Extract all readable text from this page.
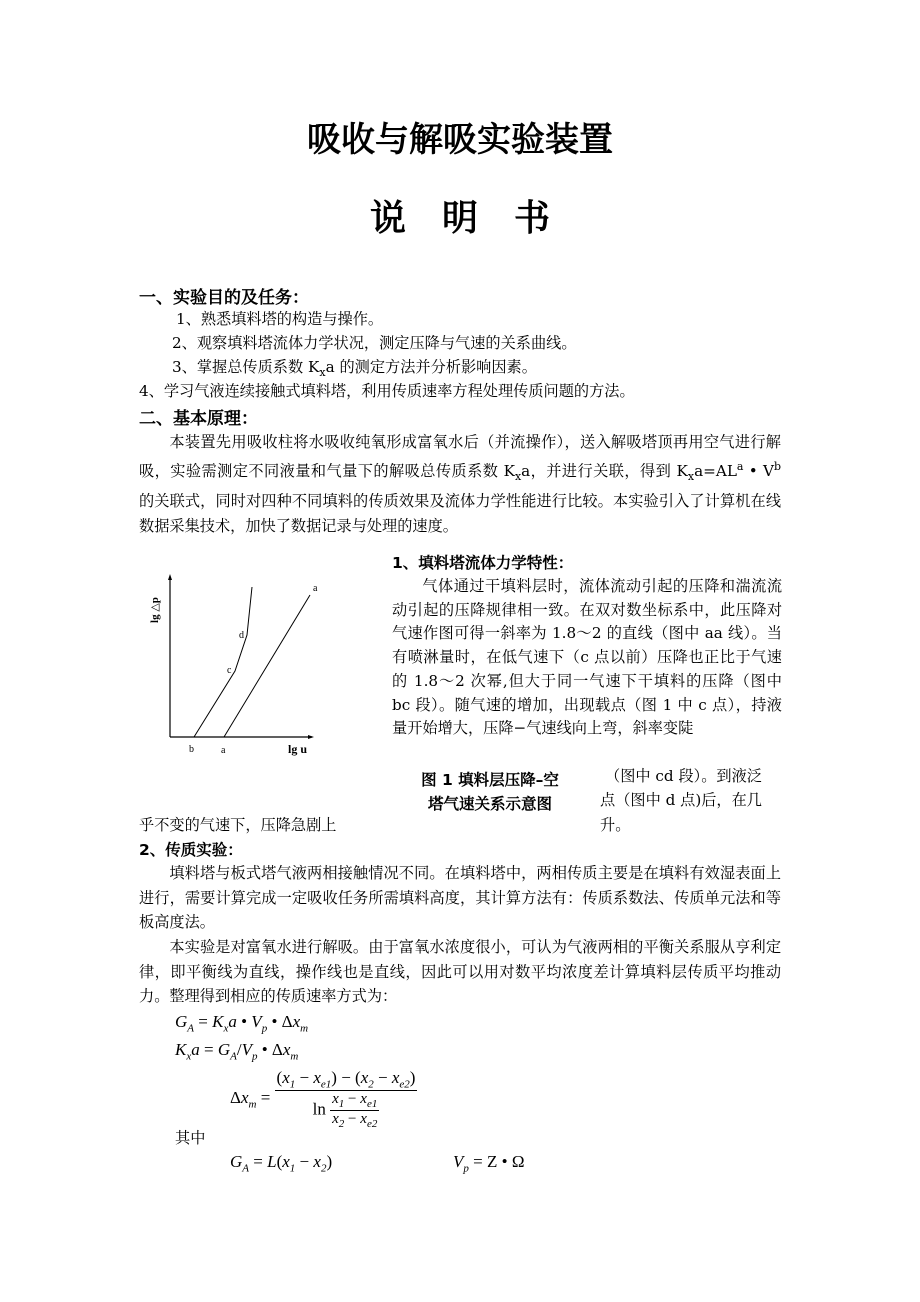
吸收与解吸实验装置
说　明　书
一、实验目的及任务：
1、熟悉填料塔的构造与操作。
2、观察填料塔流体力学状况，测定压降与气速的关系曲线。
3、掌握总传质系数 $K_xa$ 的测定方法并分析影响因素。
4、学习气液连续接触式填料塔，利用传质速率方程处理传质问题的方法。
二、基本原理：
本装置先用吸收柱将水吸收纯氧形成富氧水后（并流操作），送入解吸塔顶再用空气进行解吸，实验需测定不同液量和气量下的解吸总传质系数 $K_xa$，并进行关联，得到 $K_xa=AL^a$ • $V^b$ 的关联式，同时对四种不同填料的传质效果及流体力学性能进行比较。本实验引入了计算机在线数据采集技术，加快了数据记录与处理的速度。
lg △p
lg u
a
d
c
b	a
1、填料塔流体力学特性：
气体通过干填料层时，流体流动引起的压降和湍流流动引起的压降规律相一致。在双对数坐标系中，此压降对气速作图可得一斜率为 1.8～2 的直线（图中 aa 线）。当有喷淋量时，在低气速下（c 点以前）压降也正比于气速的 1.8～2 次幂,但大于同一气速下干填料的压降（图中 bc 段）。随气速的增加，出现载点（图 1 中 c 点），持液量开始增大，压降−气速线向上弯，斜率变陡
（图中 cd 段）。到液泛
点（图中 d 点)后，在几
图 1 填料层压降–空
塔气速关系示意图
乎不变的气速下，压降急剧上	升。
2、传质实验：
填料塔与板式塔气液两相接触情况不同。在填料塔中，两相传质主要是在填料有效湿表面上进行，需要计算完成一定吸收任务所需填料高度，其计算方法有：传质系数法、传质单元法和等板高度法。
本实验是对富氧水进行解吸。由于富氧水浓度很小，可认为气液两相的平衡关系服从亨利定律，即平衡线为直线，操作线也是直线，因此可以用对数平均浓度差计算填料层传质平均推动力。整理得到相应的传质速率方式为：
$G_A = K_xa$ • $V_p$ • $\Delta x_m$
$K_xa = G_A/V_p$ • $\Delta x_m$
$\Delta x_m = \frac{(x_1 - x_{e1}) - (x_2 - x_{e2})}{\ln \frac{x_1 - x_{e1}}{x_2 - x_{e2}}}$
其中
$G_A = L(x_1 - x_2)$	$V_p = Z$ • Ω
